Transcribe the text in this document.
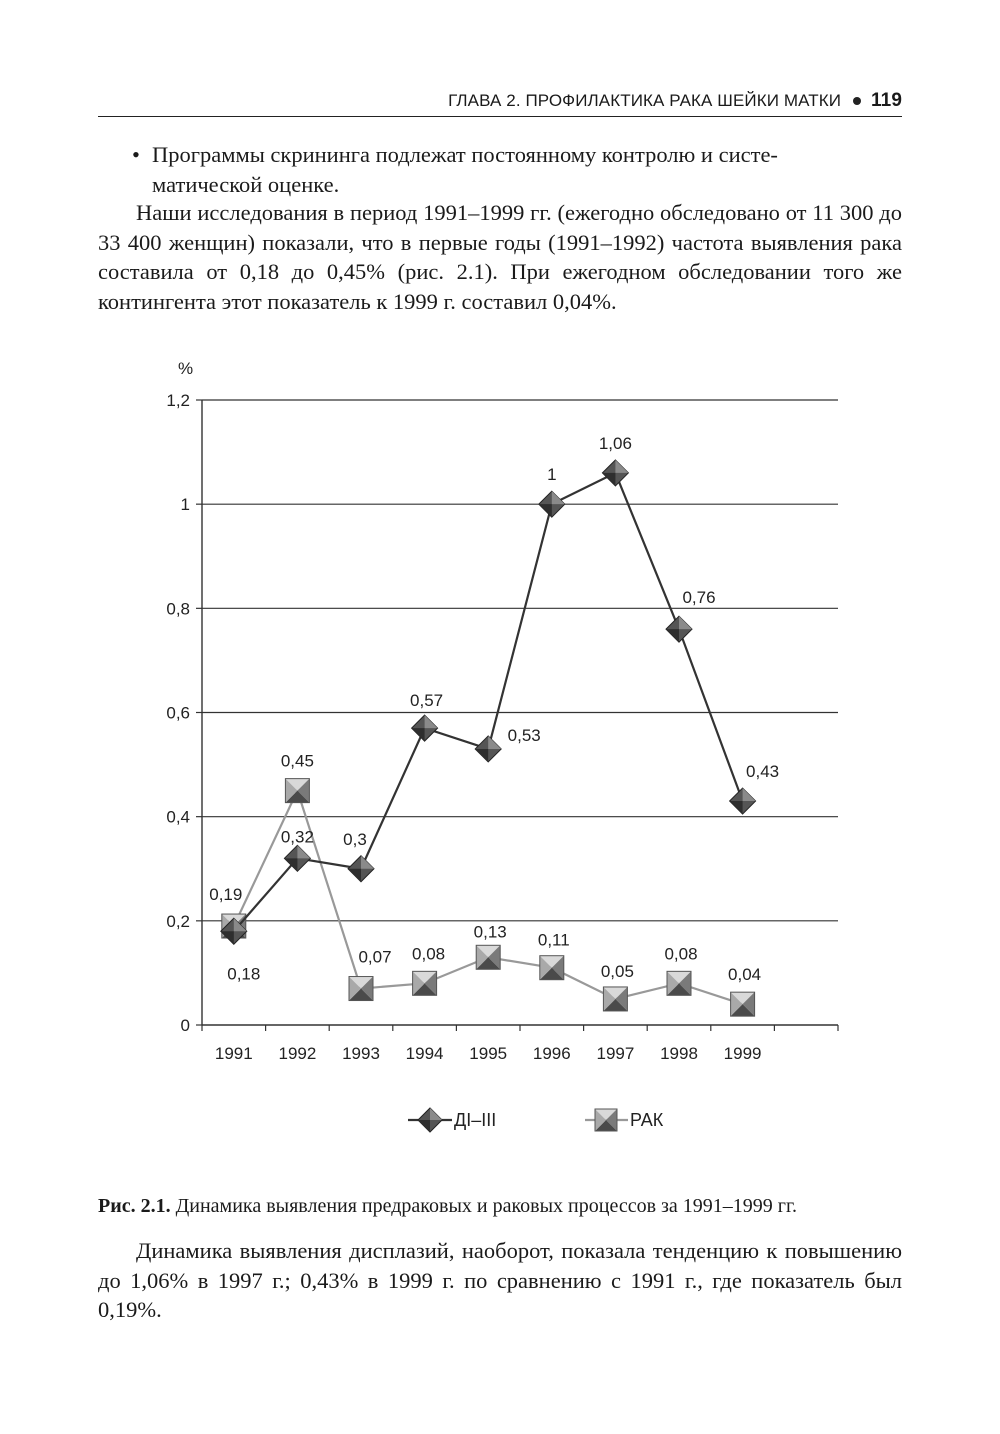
ГЛАВА 2. ПРОФИЛАКТИКА РАКА ШЕЙКИ МАТКИ 119
• Программы скрининга подлежат постоянному контролю и систе-
матической оценке.
Наши исследования в период 1991–1999 гг. (ежегодно обследовано от 11 300 до 33 400 женщин) показали, что в первые годы (1991–1992) частота выявления рака составила от 0,18 до 0,45% (рис. 2.1). При ежегодном обследовании того же контингента этот показатель к 1999 г. составил 0,04%.
%
0
0,2
0,4
0,6
0,8
1
1,2
1991 1992 1993 1994 1995 1996 1997 1998 1999
0,19
0,45
0,07 0,08
0,13 0,11
0,05
0,08
0,04
0,18
0,32 0,3
0,57
0,53
1
1,06
0,76
0,43
ДI–III	РАК
Рис. 2.1. Динамика выявления предраковых и раковых процессов за 1991–1999 гг.
Динамика выявления дисплазий, наоборот, показала тенденцию к повышению до 1,06% в 1997 г.; 0,43% в 1999 г. по сравнению с 1991 г., где показатель был 0,19%.
